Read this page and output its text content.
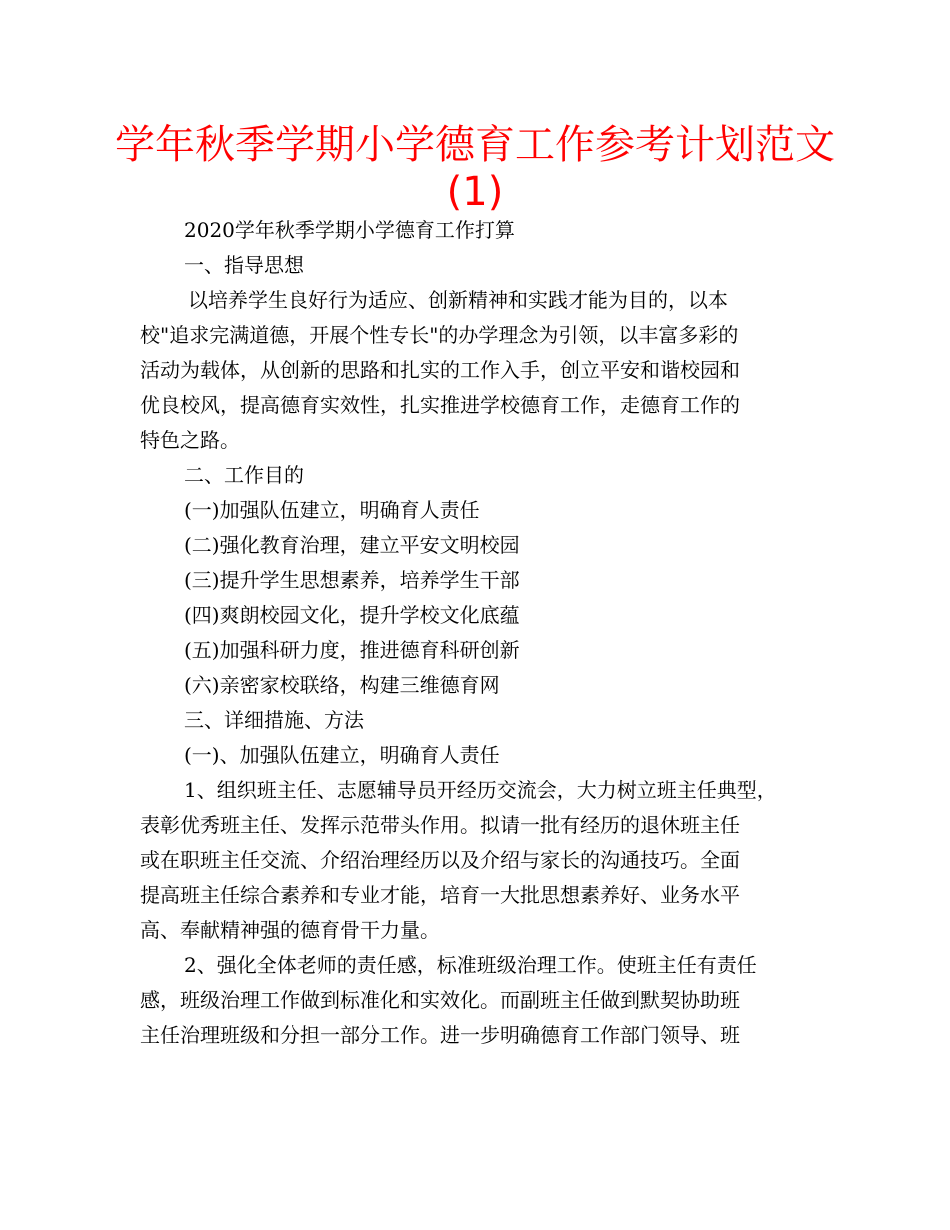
学年秋季学期小学德育工作参考计划范文
(1)
2020学年秋季学期小学德育工作打算
一、指导思想
以培养学生良好行为适应、创新精神和实践才能为目的，以本
校"追求完满道德，开展个性专长"的办学理念为引领，以丰富多彩的
活动为载体，从创新的思路和扎实的工作入手，创立平安和谐校园和
优良校风，提高德育实效性，扎实推进学校德育工作，走德育工作的
特色之路。
二、工作目的
(一)加强队伍建立，明确育人责任
(二)强化教育治理，建立平安文明校园
(三)提升学生思想素养，培养学生干部
(四)爽朗校园文化，提升学校文化底蕴
(五)加强科研力度，推进德育科研创新
(六)亲密家校联络，构建三维德育网
三、详细措施、方法
(一)、加强队伍建立，明确育人责任
1、组织班主任、志愿辅导员开经历交流会，大力树立班主任典型，
表彰优秀班主任、发挥示范带头作用。拟请一批有经历的退休班主任
或在职班主任交流、介绍治理经历以及介绍与家长的沟通技巧。全面
提高班主任综合素养和专业才能，培育一大批思想素养好、业务水平
高、奉献精神强的德育骨干力量。
2、强化全体老师的责任感，标准班级治理工作。使班主任有责任
感，班级治理工作做到标准化和实效化。而副班主任做到默契协助班
主任治理班级和分担一部分工作。进一步明确德育工作部门领导、班
